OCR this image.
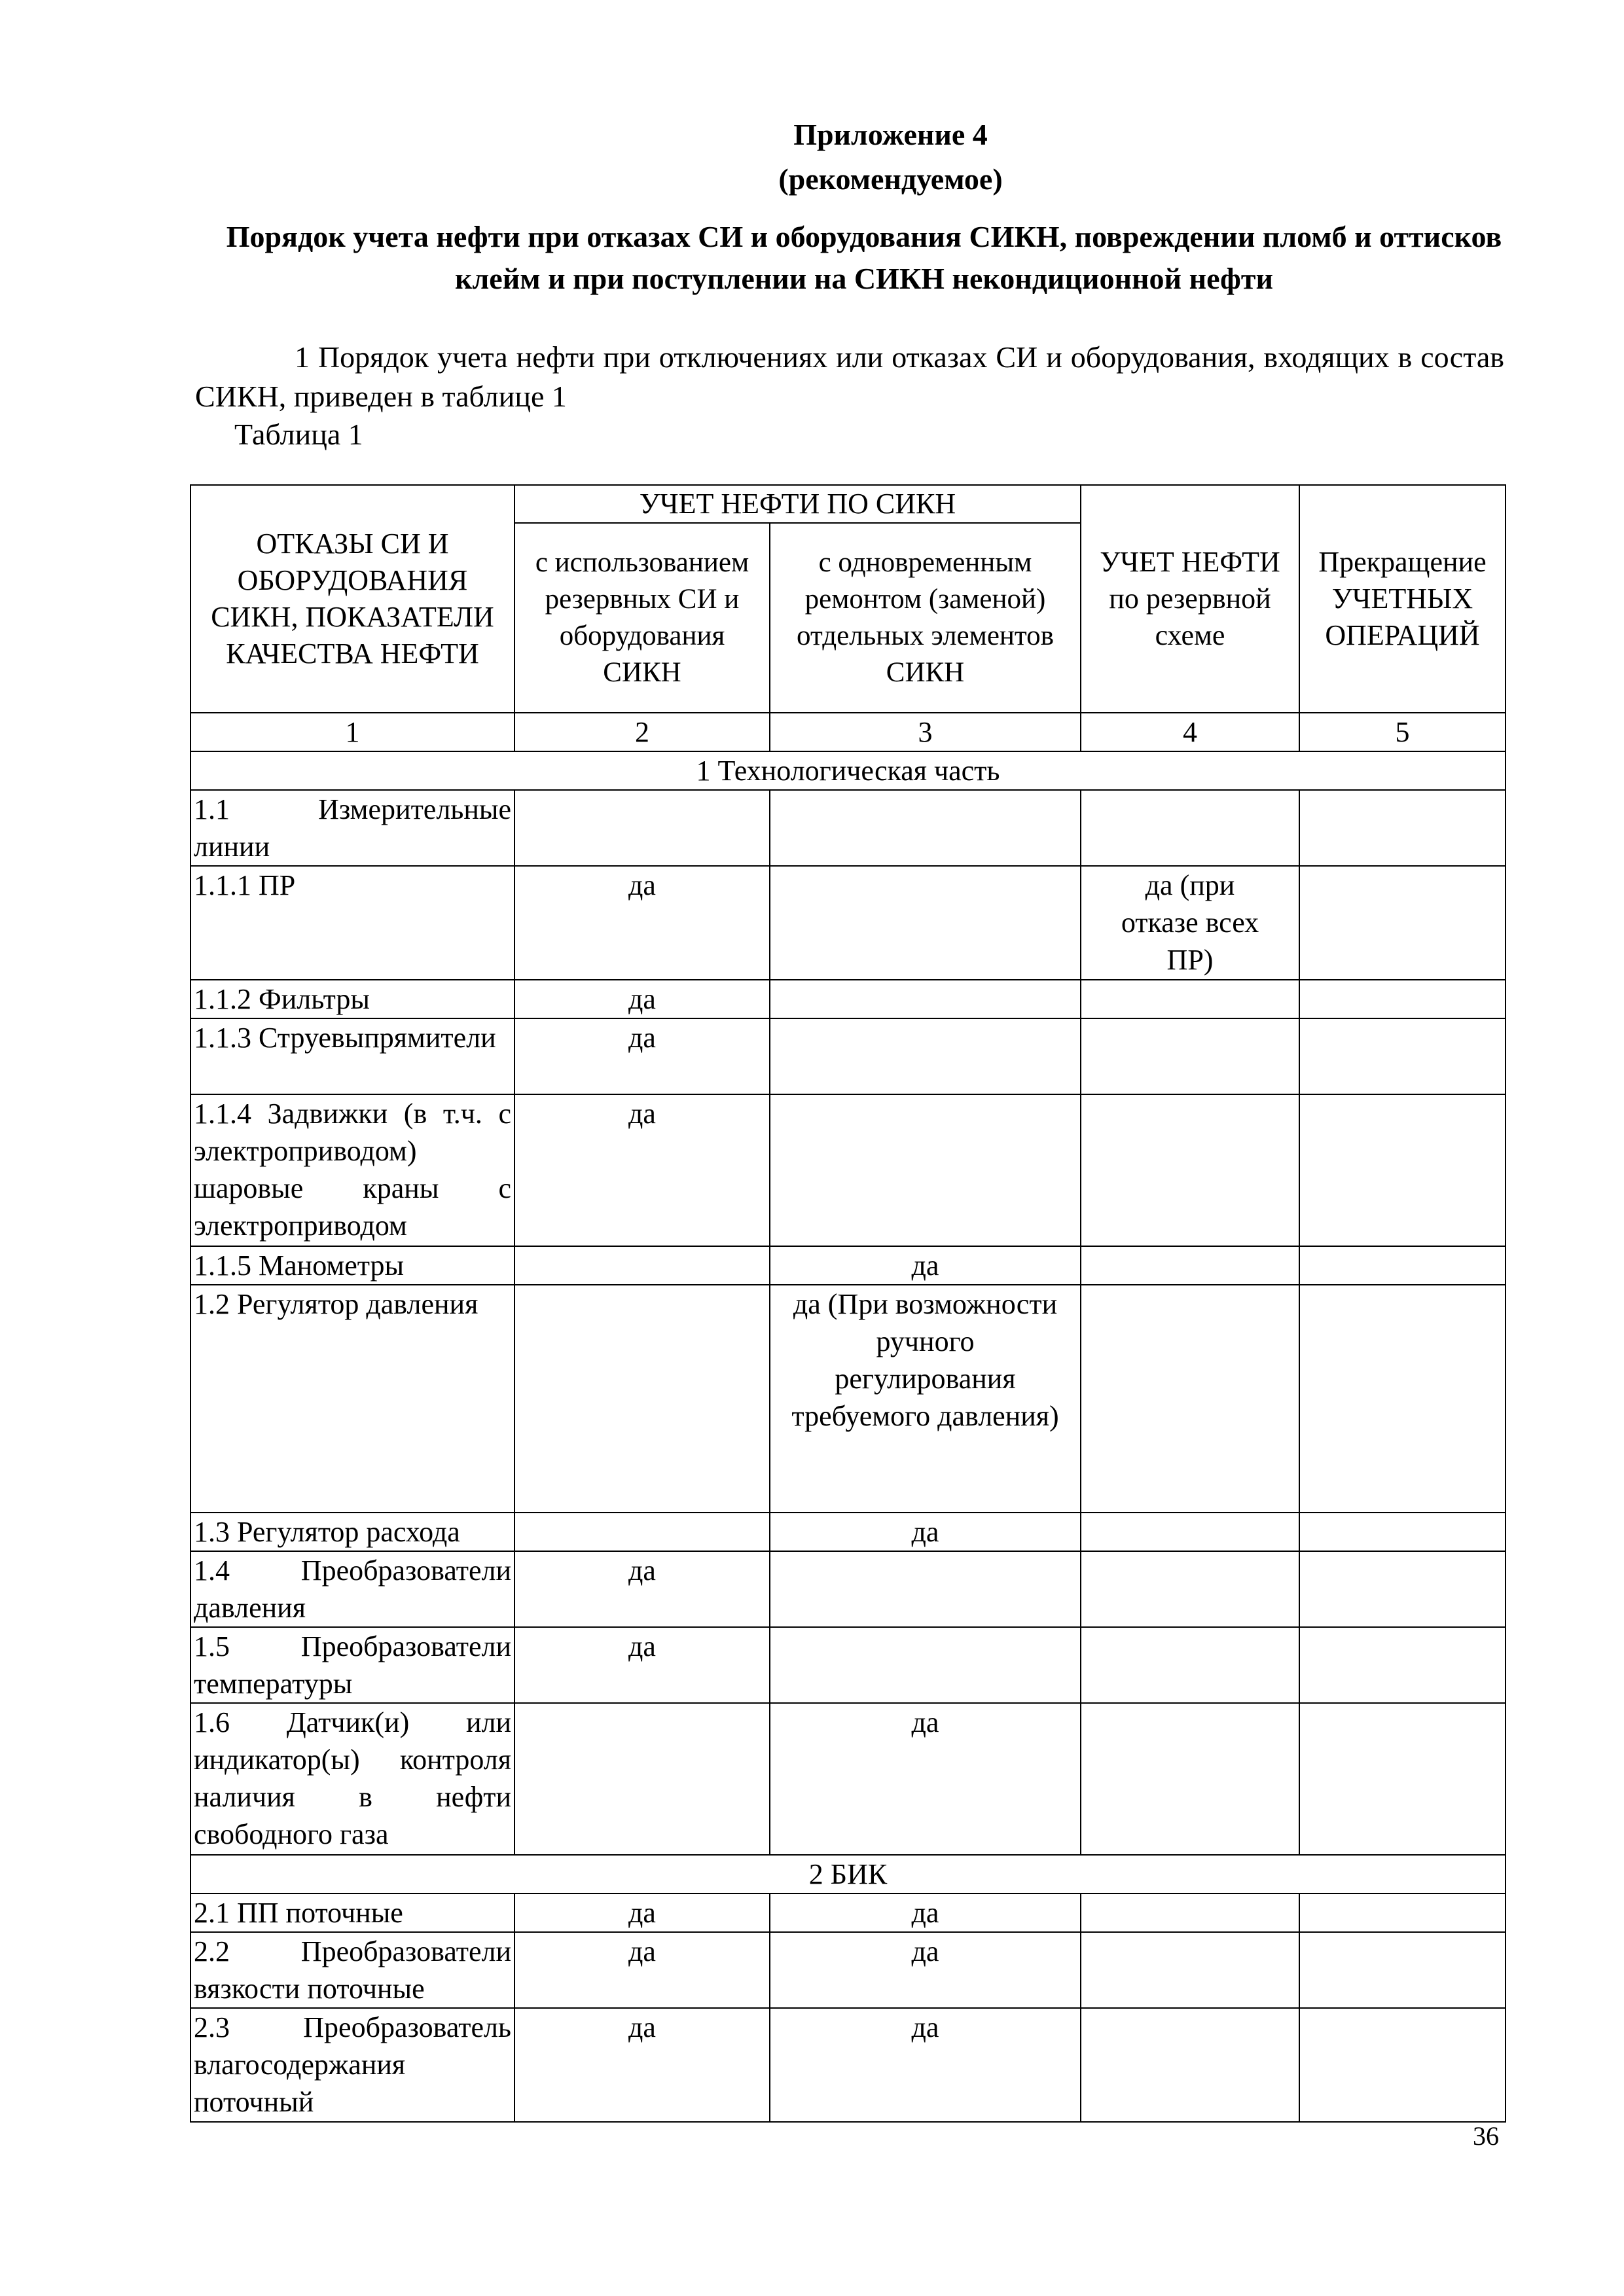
Приложение 4
(рекомендуемое)
Порядок учета нефти при отказах СИ и оборудования СИКН, повреждении пломб и оттисков клейм и при поступлении на СИКН некондиционной нефти
1 Порядок учета нефти при отключениях или отказах СИ и оборудования, входящих в состав СИКН, приведен в таблице 1
Таблица 1
ОТКАЗЫ СИ И ОБОРУДОВАНИЯ СИКН, ПОКАЗАТЕЛИ КАЧЕСТВА НЕФТИ	УЧЕТ НЕФТИ ПО СИКН		УЧЕТ НЕФТИ по резервной схеме	Прекращение УЧЕТНЫХ ОПЕРАЦИЙ
	с использованием резервных СИ и оборудования СИКН	с одновременным ремонтом (заменой) отдельных элементов СИКН		
1	2	3	4	5
1 Технологическая часть				
1.1 Измерительные линии				
1.1.1 ПР	да		да (при отказе всех ПР)	
1.1.2 Фильтры	да			
1.1.3 Струевыпрямители	да			
1.1.4 Задвижки (в т.ч. с электроприводом) шаровые краны с электроприводом	да			
1.1.5 Манометры		да		
1.2 Регулятор давления		да (При возможности ручного регулирования требуемого давления)		
1.3 Регулятор расхода		да		
1.4 Преобразователи давления	да			
1.5 Преобразователи температуры	да			
1.6 Датчик(и) или индикатор(ы) контроля наличия в нефти свободного газа		да		
2 БИК				
2.1 ПП поточные	да	да		
2.2 Преобразователи вязкости поточные	да	да		
2.3 Преобразователь влагосодержания поточный	да	да		
36
